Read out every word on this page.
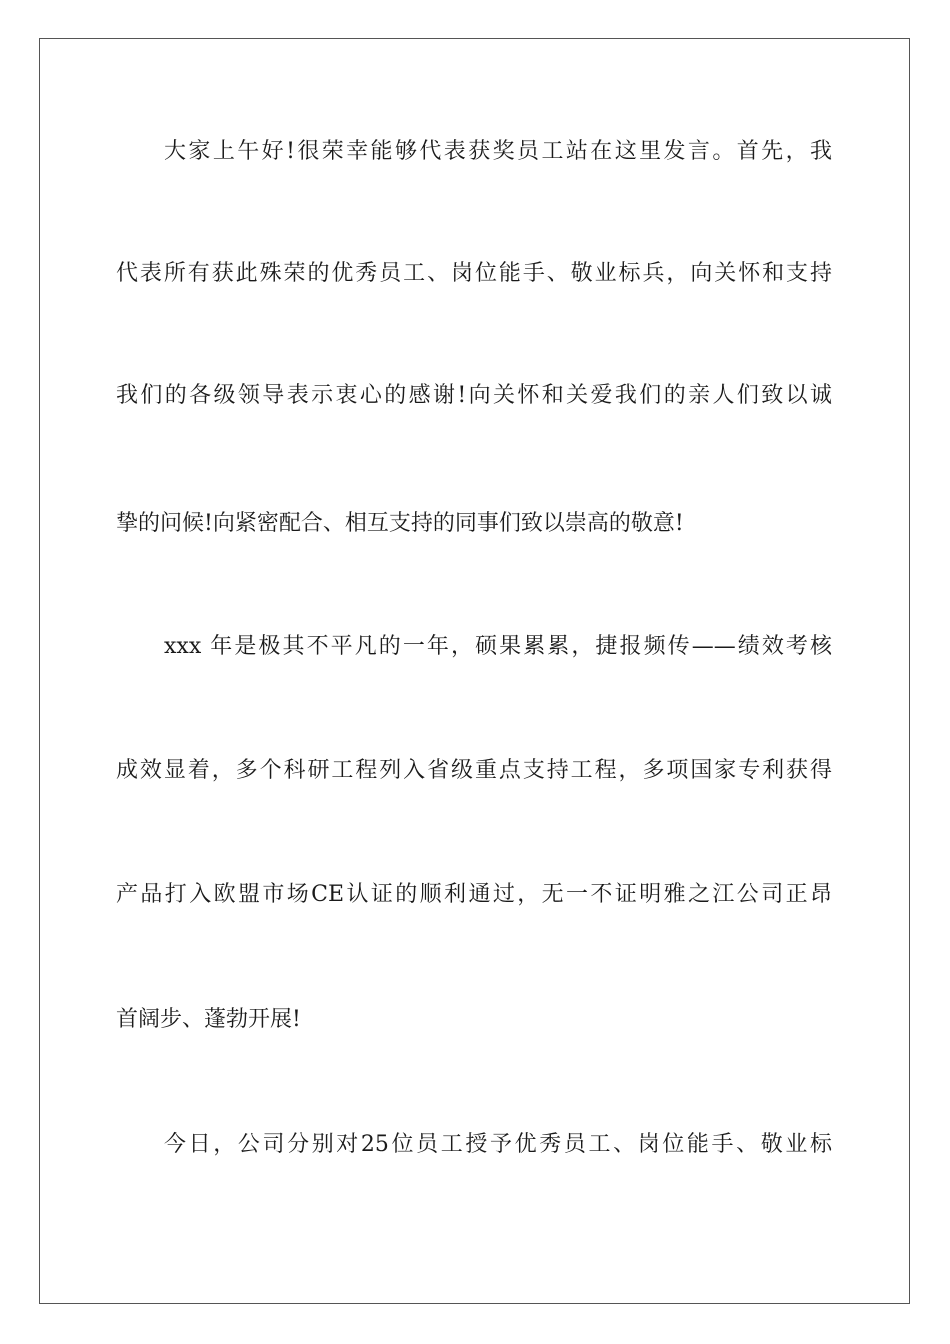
大家上午好!很荣幸能够代表获奖员工站在这里发言。首先，我
代表所有获此殊荣的优秀员工、岗位能手、敬业标兵，向关怀和支持
我们的各级领导表示衷心的感谢!向关怀和关爱我们的亲人们致以诚
挚的问候!向紧密配合、相互支持的同事们致以崇高的敬意!
xxx 年是极其不平凡的一年，硕果累累，捷报频传——绩效考核
成效显着，多个科研工程列入省级重点支持工程，多项国家专利获得
产品打入欧盟市场CE认证的顺利通过，无一不证明雅之江公司正昂
首阔步、蓬勃开展!
今日，公司分别对25位员工授予优秀员工、岗位能手、敬业标
